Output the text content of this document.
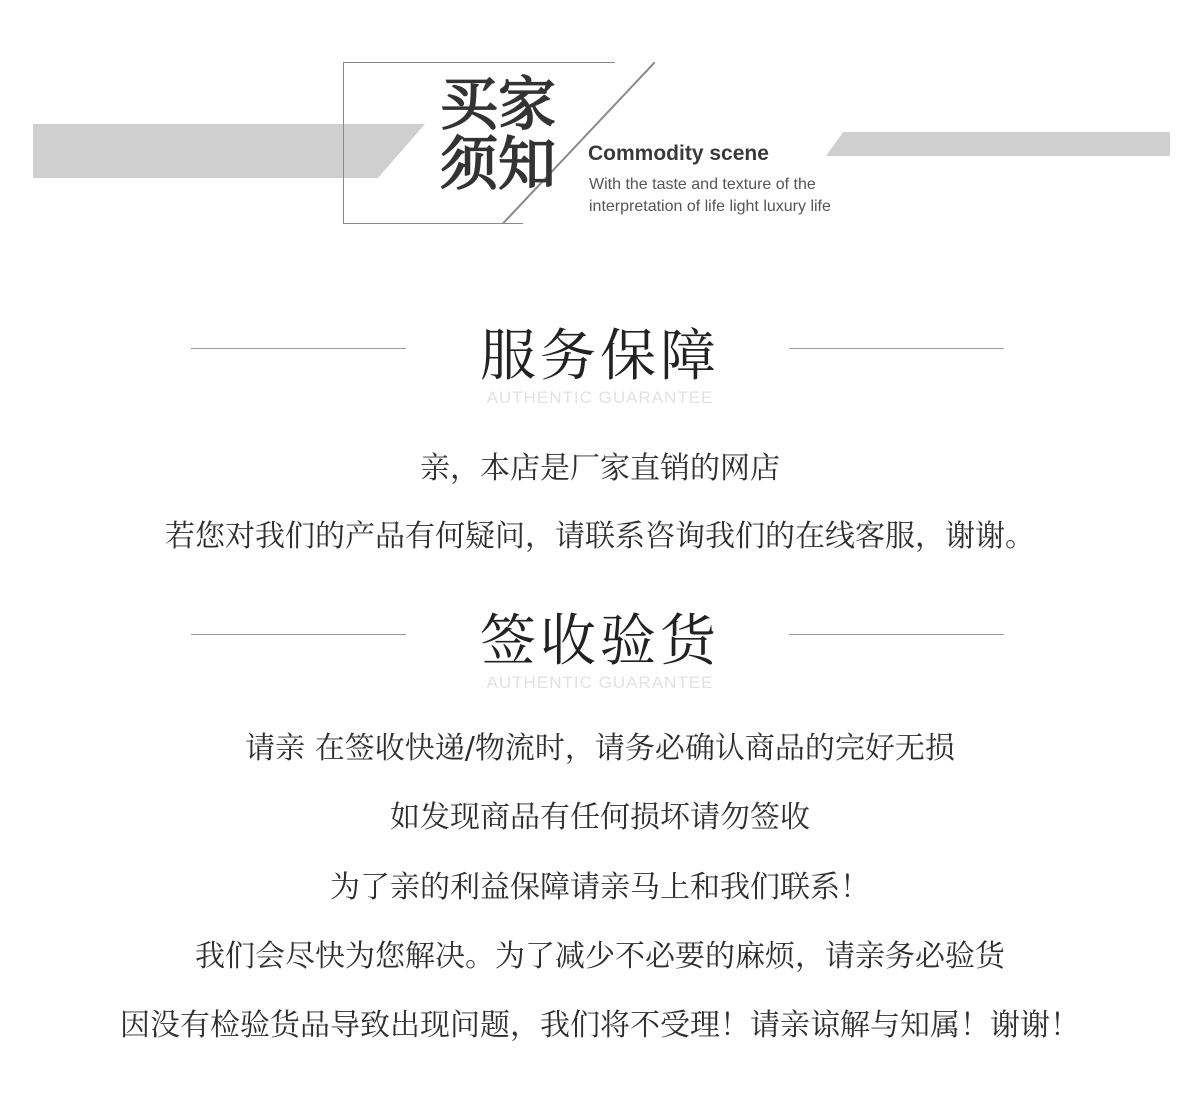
买家
须知	Commodity scene
With the taste and texture of the
interpretation of life light luxury life
服务保障
AUTHENTIC GUARANTEE
亲，本店是厂家直销的网店
若您对我们的产品有何疑问，请联系咨询我们的在线客服，谢谢。
签收验货
AUTHENTIC GUARANTEE
请亲 在签收快递/物流时，请务必确认商品的完好无损
如发现商品有任何损坏请勿签收
为了亲的利益保障请亲马上和我们联系！
我们会尽快为您解决。为了减少不必要的麻烦，请亲务必验货
因没有检验货品导致出现问题，我们将不受理！请亲谅解与知属！谢谢！
